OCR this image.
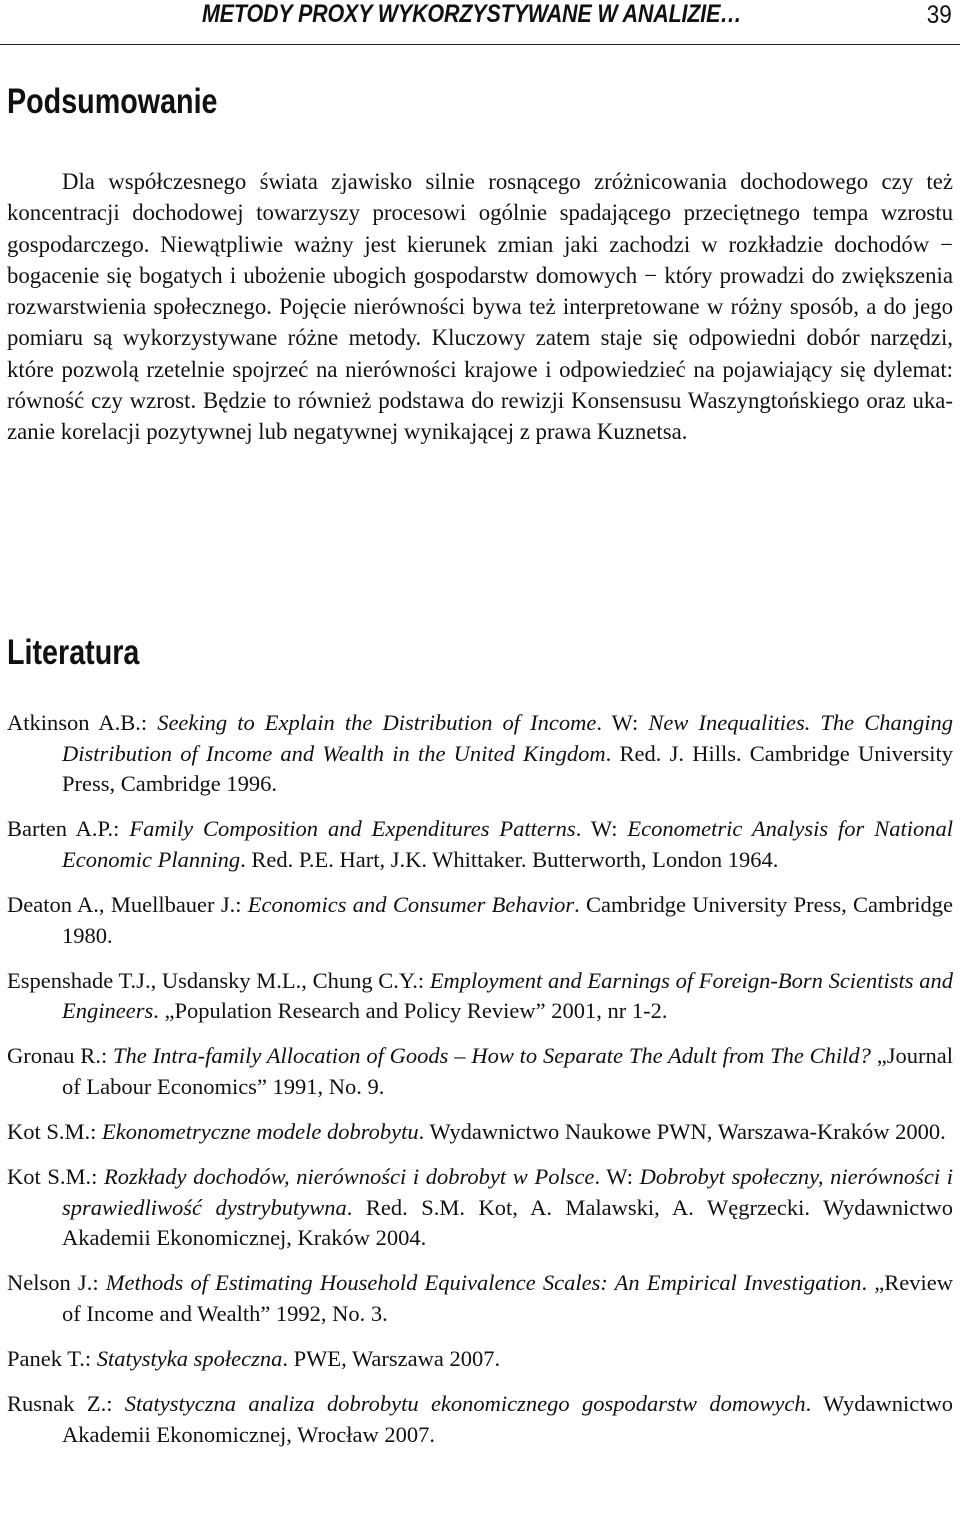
METODY PROXY WYKORZYSTYWANE W ANALIZIE…	39
Podsumowanie

Dla współczesnego świata zjawisko silnie rosnącego zróżnicowania dochodowego czy też koncentracji dochodowej towarzyszy procesowi ogólnie spadającego przeciętnego tempa wzrostu gospodarczego. Niewątpliwie ważny jest kierunek zmian jaki zachodzi w rozkładzie dochodów − bogacenie się bogatych i ubożenie ubogich gospodarstw domowych − który prowadzi do zwiększenia rozwarstwienia społecznego. Pojęcie nierówności bywa też interpretowane w różny sposób, a do jego pomiaru są wykorzystywane różne metody. Kluczowy zatem staje się odpowiedni dobór narzędzi, które pozwolą rzetelnie spojrzeć na nierówności krajowe i odpowiedzieć na pojawiający się dylemat: równość czy wzrost. Będzie to również podstawa do rewizji Konsensusu Waszyngtońskiego oraz ukazanie korelacji pozytywnej lub negatywnej wynikającej z prawa Kuznetsa.

Literatura

Atkinson A.B.: Seeking to Explain the Distribution of Income. W: New Inequalities. The Changing Distribution of Income and Wealth in the United Kingdom. Red. J. Hills. Cambridge University Press, Cambridge 1996.

Barten A.P.: Family Composition and Expenditures Patterns. W: Econometric Analysis for National Economic Planning. Red. P.E. Hart, J.K. Whittaker. Butterworth, London 1964.

Deaton A., Muellbauer J.: Economics and Consumer Behavior. Cambridge University Press, Cambridge 1980.

Espenshade T.J., Usdansky M.L., Chung C.Y.: Employment and Earnings of Foreign-Born Scientists and Engineers. „Population Research and Policy Review” 2001, nr 1-2.

Gronau R.: The Intra-family Allocation of Goods – How to Separate The Adult from The Child? „Journal of Labour Economics” 1991, No. 9.

Kot S.M.: Ekonometryczne modele dobrobytu. Wydawnictwo Naukowe PWN, Warszawa-Kraków 2000.

Kot S.M.: Rozkłady dochodów, nierówności i dobrobyt w Polsce. W: Dobrobyt społeczny, nierówności i sprawiedliwość dystrybutywna. Red. S.M. Kot, A. Malawski, A. Węgrzecki. Wydawnictwo Akademii Ekonomicznej, Kraków 2004.

Nelson J.: Methods of Estimating Household Equivalence Scales: An Empirical Investigation. „Review of Income and Wealth” 1992, No. 3.

Panek T.: Statystyka społeczna. PWE, Warszawa 2007.

Rusnak Z.: Statystyczna analiza dobrobytu ekonomicznego gospodarstw domowych. Wydawnictwo Akademii Ekonomicznej, Wrocław 2007.
